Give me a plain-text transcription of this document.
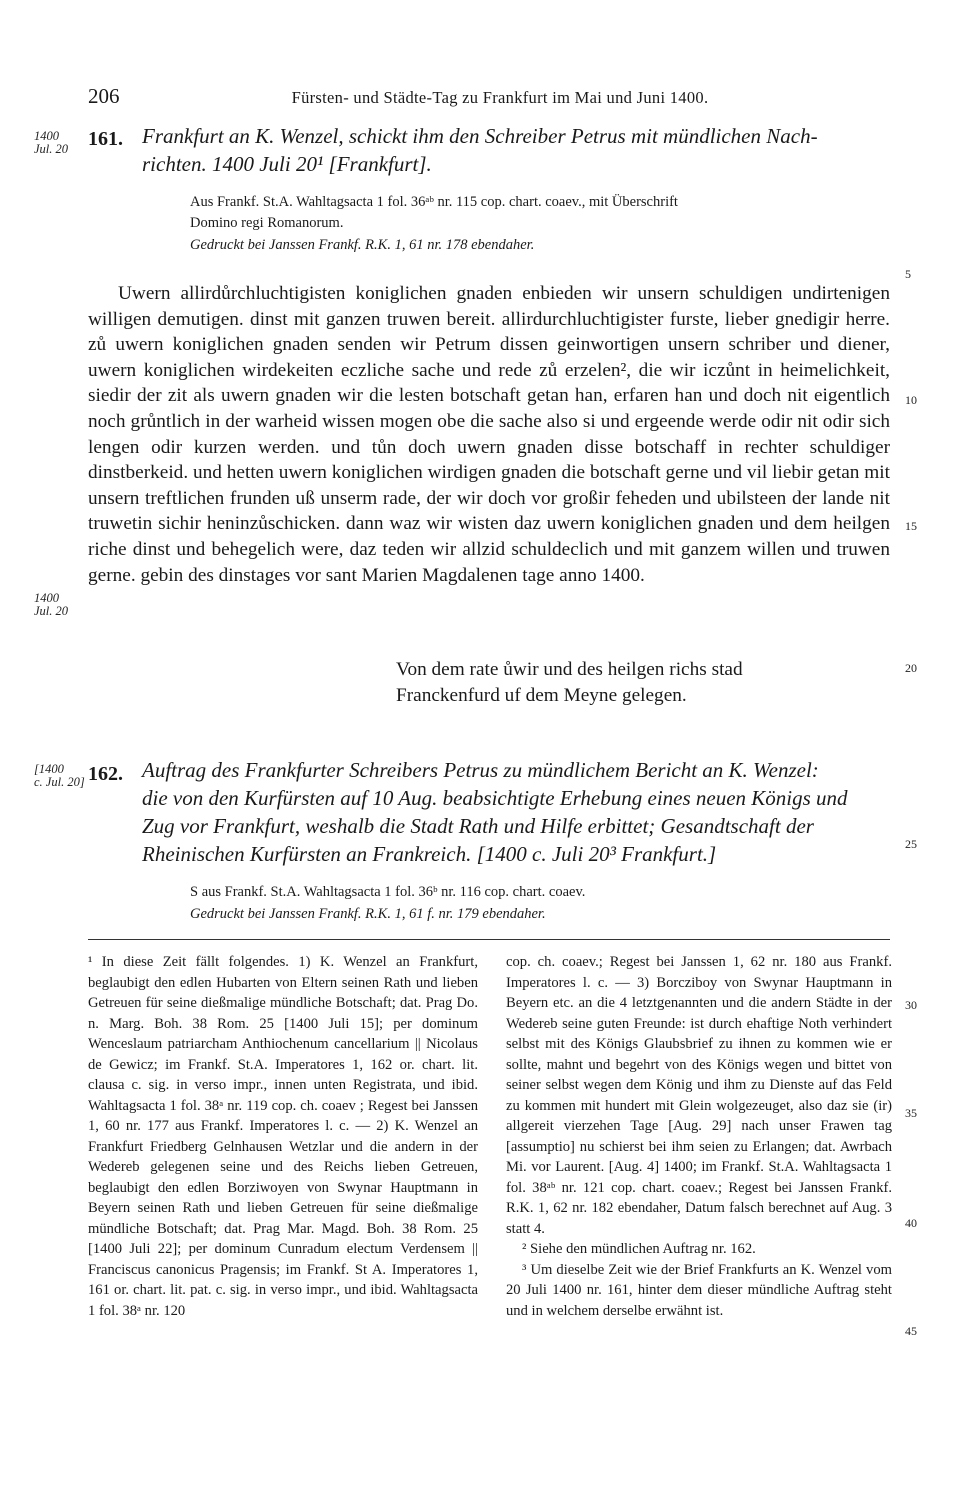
206	Fürsten- und Städte-Tag zu Frankfurt im Mai und Juni 1400.
1400
Jul. 20 161. Frankfurt an K. Wenzel, schickt ihm den Schreiber Petrus mit mündlichen Nach-
richten. 1400 Juli 20¹ [Frankfurt].
Aus Frankf. St.A. Wahltagsacta 1 fol. 36ᵃᵇ nr. 115 cop. chart. coaev., mit Überschrift
Domino regi Romanorum.
Gedruckt bei Janssen Frankf. R.K. 1, 61 nr. 178 ebendaher.

Uwern allirdůrchluchtigisten koniglichen gnaden enbieden wir unsern schuldigen undirtenigen willigen demutigen. dinst mit ganzen truwen bereit. allirdurchluchtigister furste, lieber gnedigir herre. zů uwern koniglichen gnaden senden wir Petrum dissen geinwortigen unsern schriber und diener, uwern koniglichen wirdekeiten eczliche sache und rede zů erzelen², die wir iczůnt in heimelichkeit, siedir der zit als uwern gnaden wir die lesten botschaft getan han, erfaren han und doch nit eigentlich noch grůntlich in der warheid wissen mogen obe die sache also si und ergeende werde odir nit odir sich lengen odir kurzen werden. und tůn doch uwern gnaden disse botschaff in rechter schuldiger dinstberkeid. und hetten uwern koniglichen wirdigen gnaden die botschaft gerne und vil liebir getan mit unsern treftlichen frunden uß unserm rade, der wir doch vor großir feheden und ubilsteen der lande nit truwetin sichir heninzůschicken. dann waz wir wisten daz uwern koniglichen gnaden und dem heilgen riche dinst und behegelich were, daz teden wir allzid schuldeclich und mit ganzem willen und truwen gerne. gebin des dinstages vor sant Marien Magdalenen tage anno 1400.

1400
Jul. 20
Von dem rate ůwir und des heilgen richs stad
Franckenfurd uf dem Meyne gelegen.
[1400
c. Jul. 20] 162. Auftrag des Frankfurter Schreibers Petrus zu mündlichem Bericht an K. Wenzel:
die von den Kurfürsten auf 10 Aug. beabsichtigte Erhebung eines neuen Königs und
Zug vor Frankfurt, weshalb die Stadt Rath und Hilfe erbittet; Gesandtschaft der
Rheinischen Kurfürsten an Frankreich. [1400 c. Juli 20³ Frankfurt.]
S aus Frankf. St.A. Wahltagsacta 1 fol. 36ᵇ nr. 116 cop. chart. coaev.
Gedruckt bei Janssen Frankf. R.K. 1, 61 f. nr. 179 ebendaher.

¹ In diese Zeit fällt folgendes. 1) K. Wenzel an Frankfurt, beglaubigt den edlen Hubarten von Eltern seinen Rath und lieben Getreuen für seine dießmalige mündliche Botschaft; dat. Prag Do. n. Marg. Boh. 38 Rom. 25 [1400 Juli 15]; per dominum Wenceslaum patriarcham Anthiochenum cancellarium || Nicolaus de Gewicz; im Frankf. St.A. Imperatores 1, 162 or. chart. lit. clausa c. sig. in verso impr., innen unten Registrata, und ibid. Wahltagsacta 1 fol. 38ᵃ nr. 119 cop. ch. coaev ; Regest bei Janssen 1, 60 nr. 177 aus Frankf. Imperatores l. c. — 2) K. Wenzel an Frankfurt Friedberg Gelnhausen Wetzlar und die andern in der Wedereb gelegenen seine und des Reichs lieben Getreuen, beglaubigt den edlen Borziwoyen von Swynar Hauptmann in Beyern seinen Rath und lieben Getreuen für seine dießmalige mündliche Botschaft; dat. Prag Mar. Magd. Boh. 38 Rom. 25 [1400 Juli 22]; per dominum Cunradum electum Verdensem || Franciscus canonicus Pragensis; im Frankf. St A. Imperatores 1, 161 or. chart. lit. pat. c. sig. in verso impr., und ibid. Wahltagsacta 1 fol. 38ᵃ nr. 120

cop. ch. coaev.; Regest bei Janssen 1, 62 nr. 180 aus Frankf. Imperatores l. c. — 3) Borcziboy von Swynar Hauptmann in Beyern etc. an die 4 letztgenannten und die andern Städte in der Wedereb seine guten Freunde: ist durch ehaftige Noth verhindert selbst mit des Königs Glaubsbrief zu ihnen zu kommen wie er sollte, mahnt und begehrt von des Königs wegen und bittet von seiner selbst wegen dem König und ihm zu Dienste auf das Feld zu kommen mit hundert mit Glein wolgezeuget, also daz sie (ir) allgereit vierzehen Tage [Aug. 29] nach unser Frawen tag [assumptio] nu schierst bei ihm seien zu Erlangen; dat. Awrbach Mi. vor Laurent. [Aug. 4] 1400; im Frankf. St.A. Wahltagsacta 1 fol. 38ᵃᵇ nr. 121 cop. chart. coaev.; Regest bei Janssen Frankf. R.K. 1, 62 nr. 182 ebendaher, Datum falsch berechnet auf Aug. 3 statt 4.

² Siehe den mündlichen Auftrag nr. 162.

³ Um dieselbe Zeit wie der Brief Frankfurts an K. Wenzel vom 20 Juli 1400 nr. 161, hinter dem dieser mündliche Auftrag steht und in welchem derselbe erwähnt ist.

5
10
15
20
25
30
35
40
45
